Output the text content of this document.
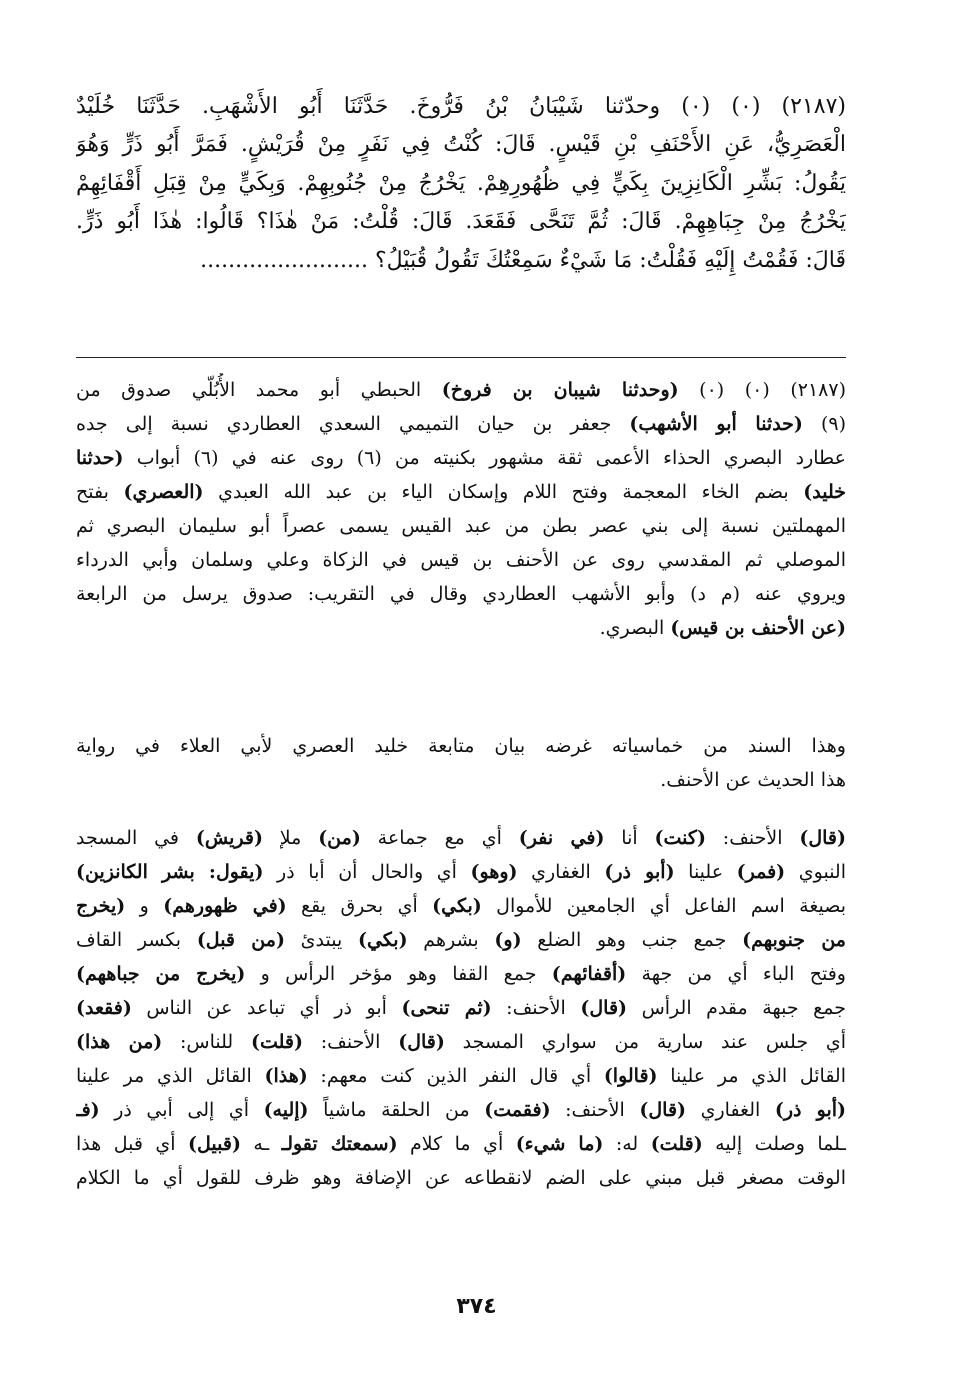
(٢١٨٧) (٠) (٠) وحدّثنا شَيْبَانُ بْنُ فَرُّوخَ. حَدَّثَنَا أَبُو الأَشْهَبِ. حَدَّثَنَا خُلَيْدٌ
الْعَصَرِيُّ، عَنِ الأَحْنَفِ بْنِ قَيْسٍ. قَالَ: كُنْتُ فِي نَفَرٍ مِنْ قُرَيْشٍ. فَمَرَّ أَبُو ذَرٍّ وَهُوَ
يَقُولُ: بَشِّرِ الْكَانِزِينَ بِكَيٍّ فِي ظُهُورِهِمْ. يَخْرُجُ مِنْ جُنُوبِهِمْ. وَبِكَيٍّ مِنْ قِبَلِ أَقْفَائِهِمْ
يَخْرُجُ مِنْ جِبَاهِهِمْ. قَالَ: ثُمَّ تَنَحَّى فَقَعَدَ. قَالَ: قُلْتُ: مَنْ هٰذَا؟ قَالُوا: هٰذَا أَبُو ذَرٍّ.
قَالَ: فَقُمْتُ إِلَيْهِ فَقُلْتُ: مَا شَيْءٌ سَمِعْتُكَ تَقُولُ قُبَيْلُ؟ ........................
(٢١٨٧) (٠) (٠) (وحدثنا شيبان بن فروخ) الحبطي أبو محمد الأُبُلّي صدوق من
(٩) (حدثنا أبو الأشهب) جعفر بن حيان التميمي السعدي العطاردي نسبة إلى جده
عطارد البصري الحذاء الأعمى ثقة مشهور بكنيته من (٦) روى عنه في (٦) أبواب (حدثنا
خليد) بضم الخاء المعجمة وفتح اللام وإسكان الياء بن عبد الله العبدي (العصري) بفتح
المهملتين نسبة إلى بني عصر بطن من عبد القيس يسمى عصراً أبو سليمان البصري ثم
الموصلي ثم المقدسي روى عن الأحنف بن قيس في الزكاة وعلي وسلمان وأبي الدرداء
ويروي عنه (م د) وأبو الأشهب العطاردي وقال في التقريب: صدوق يرسل من الرابعة
(عن الأحنف بن قيس) البصري.
وهذا السند من خماسياته غرضه بيان متابعة خليد العصري لأبي العلاء في رواية
هذا الحديث عن الأحنف.
(قال) الأحنف: (كنت) أنا (في نفر) أي مع جماعة (من) ملإ (قريش) في المسجد
النبوي (فمر) علينا (أبو ذر) الغفاري (وهو) أي والحال أن أبا ذر (يقول: بشر الكانزين)
بصيغة اسم الفاعل أي الجامعين للأموال (بكي) أي بحرق يقع (في ظهورهم) و (يخرج
من جنوبهم) جمع جنب وهو الضلع (و) بشرهم (بكي) يبتدئ (من قبل) بكسر القاف
وفتح الباء أي من جهة (أقفائهم) جمع القفا وهو مؤخر الرأس و (يخرج من جباههم)
جمع جبهة مقدم الرأس (قال) الأحنف: (ثم تنحى) أبو ذر أي تباعد عن الناس (فقعد)
أي جلس عند سارية من سواري المسجد (قال) الأحنف: (قلت) للناس: (من هذا)
القائل الذي مر علينا (قالوا) أي قال النفر الذين كنت معهم: (هذا) القائل الذي مر علينا
(أبو ذر) الغفاري (قال) الأحنف: (فقمت) من الحلقة ماشياً (إليه) أي إلى أبي ذر (فـ
ـلما وصلت إليه (قلت) له: (ما شيء) أي ما كلام (سمعتك تقولـ ـه (قبيل) أي قبل هذا
الوقت مصغر قبل مبني على الضم لانقطاعه عن الإضافة وهو ظرف للقول أي ما الكلام
٣٧٤
